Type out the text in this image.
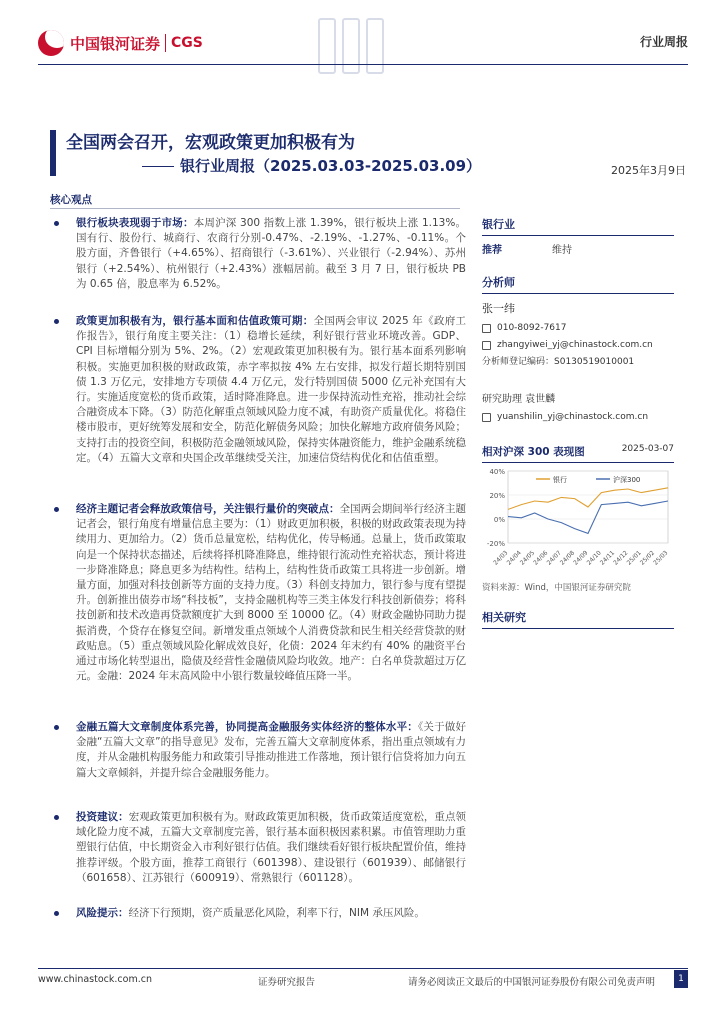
中国银河证券 CGS	行业周报
全国两会召开，宏观政策更加积极有为
银行业周报（2025.03.03-2025.03.09）	2025年3月9日
核心观点
银行板块表现弱于市场：本周沪深 300 指数上涨 1.39%，银行板块上涨 1.13%。国有行、股份行、城商行、农商行分别-0.47%、-2.19%、-1.27%、-0.11%。个股方面，齐鲁银行（+4.65%）、招商银行（-3.61%）、兴业银行（-2.94%）、苏州银行（+2.54%）、杭州银行（+2.43%）涨幅居前。截至 3 月 7 日，银行板块 PB 为 0.65 倍，股息率为 6.52%。
政策更加积极有为，银行基本面和估值政策可期：全国两会审议 2025 年《政府工作报告》，银行角度主要关注：（1）稳增长延续，利好银行营业环境改善。GDP、CPI 目标增幅分别为 5%、2%。（2）宏观政策更加积极有为。银行基本面系列影响积极。实施更加积极的财政政策，赤字率拟按 4% 左右安排，拟发行超长期特别国债 1.3 万亿元，安排地方专项债 4.4 万亿元，发行特别国债 5000 亿元补充国有大行。实施适度宽松的货币政策，适时降准降息。进一步保持流动性充裕，推动社会综合融资成本下降。（3）防范化解重点领域风险力度不减，有助资产质量优化。将稳住楼市股市，更好统筹发展和安全，防范化解债务风险；加快化解地方政府债务风险；支持打击的投资空间，积极防范金融领域风险，保持实体融资能力，维护金融系统稳定。（4）五篇大文章和央国企改革继续受关注，加速信贷结构优化和估值重塑。
经济主题记者会释放政策信号，关注银行量价的突破点：全国两会期间举行经济主题记者会，银行角度有增量信息主要为：（1）财政更加积极，积极的财政政策表现为持续用力、更加给力。（2）货币总量宽松，结构优化，传导畅通。总量上，货币政策取向是一个保持状态描述，后续将择机降准降息，维持银行流动性充裕状态，预计将进一步降准降息；降息更多为结构性。结构上，结构性货币政策工具将进一步创新。增量方面，加强对科技创新等方面的支持力度。（3）科创支持加力，银行参与度有望提升。创新推出债券市场“科技板”，支持金融机构等三类主体发行科技创新债券；将科技创新和技术改造再贷款额度扩大到 8000 至 10000 亿。（4）财政金融协同助力提振消费，个贷存在修复空间。新增发重点领域个人消费贷款和民生相关经营贷款的财政贴息。（5）重点领域风险化解成效良好，化债：2024 年末约有 40% 的融资平台通过市场化转型退出，隐债及经营性金融债风险均收敛。地产：白名单贷款超过万亿元。金融：2024 年末高风险中小银行数量较峰值压降一半。
金融五篇大文章制度体系完善，协同提高金融服务实体经济的整体水平：《关于做好金融“五篇大文章”的指导意见》发布，完善五篇大文章制度体系，指出重点领域有力度，并从金融机构服务能力和政策引导推动推进工作落地，预计银行信贷将加力向五篇大文章倾斜，并提升综合金融服务能力。
投资建议：宏观政策更加积极有为。财政政策更加积极，货币政策适度宽松，重点领域化险力度不减，五篇大文章制度完善，银行基本面积极因素积累。市值管理助力重塑银行估值，中长期资金入市利好银行估值。我们继续看好银行板块配置价值，维持推荐评级。个股方面，推荐工商银行（601398）、建设银行（601939）、邮储银行（601658）、江苏银行（600919）、常熟银行（601128）。
风险提示：经济下行预期，资产质量恶化风险，利率下行，NIM 承压风险。
银行业
推荐	维持
分析师
张一纬
010-8092-7617
zhangyiwei_yj@chinastock.com.cn
分析师登记编码：S0130519010001
研究助理 袁世麟
yuanshilin_yj@chinastock.com.cn
相对沪深 300 表现图	2025-03-07
40%
20%
0%
-20%
24/03
24/04
24/05
24/06
24/07
24/08
24/09
24/10
24/11
24/12
25/01
25/02
25/03
银行	沪深300
资料来源：Wind，中国银河证券研究院
相关研究
www.chinastock.com.cn	证券研究报告	请务必阅读正文最后的中国银河证券股份有限公司免责声明	1
